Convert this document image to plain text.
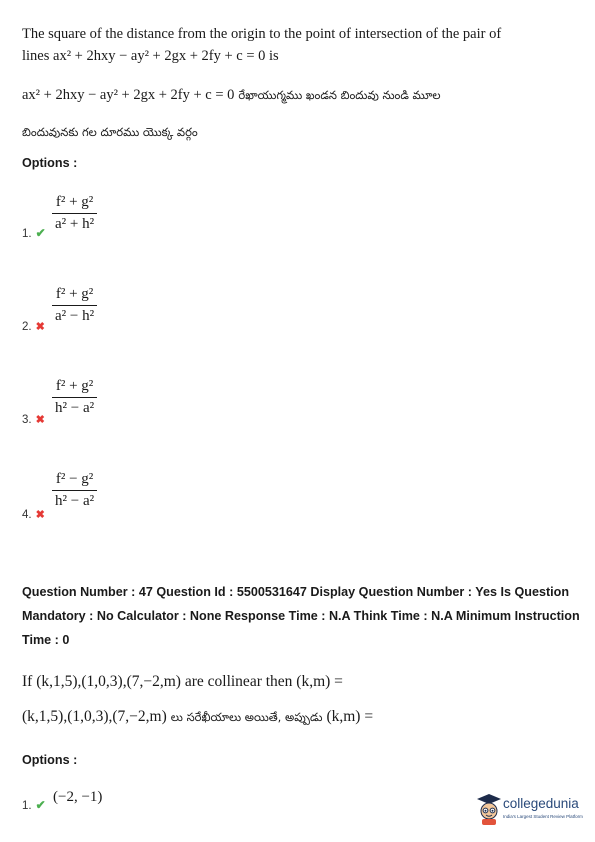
The square of the distance from the origin to the point of intersection of the pair of
lines ax² + 2hxy − ay² + 2gx + 2fy + c = 0 is
ax² + 2hxy − ay² + 2gx + 2fy + c = 0 రేఖాయుగ్మము ఖండన బిందువు నుండి మూల
బిందువునకు గల దూరము యొక్క వర్గం
Options :
1. ✔
f² + g²
a² + h²
2. ✖
f² + g²
a² − h²
3. ✖
f² + g²
h² − a²
4. ✖
f² − g²
h² − a²
Question Number : 47 Question Id : 5500531647 Display Question Number : Yes Is Question
Mandatory : No Calculator : None Response Time : N.A Think Time : N.A Minimum Instruction
Time : 0
If (k,1,5),(1,0,3),(7,−2,m) are collinear then (k,m) =
(k,1,5),(1,0,3),(7,−2,m) లు సరేఖీయాలు అయితే, అప్పుడు (k,m) =
Options :
1. ✔ (−2, −1)	collegedunia
India's Largest Student Review Platform
